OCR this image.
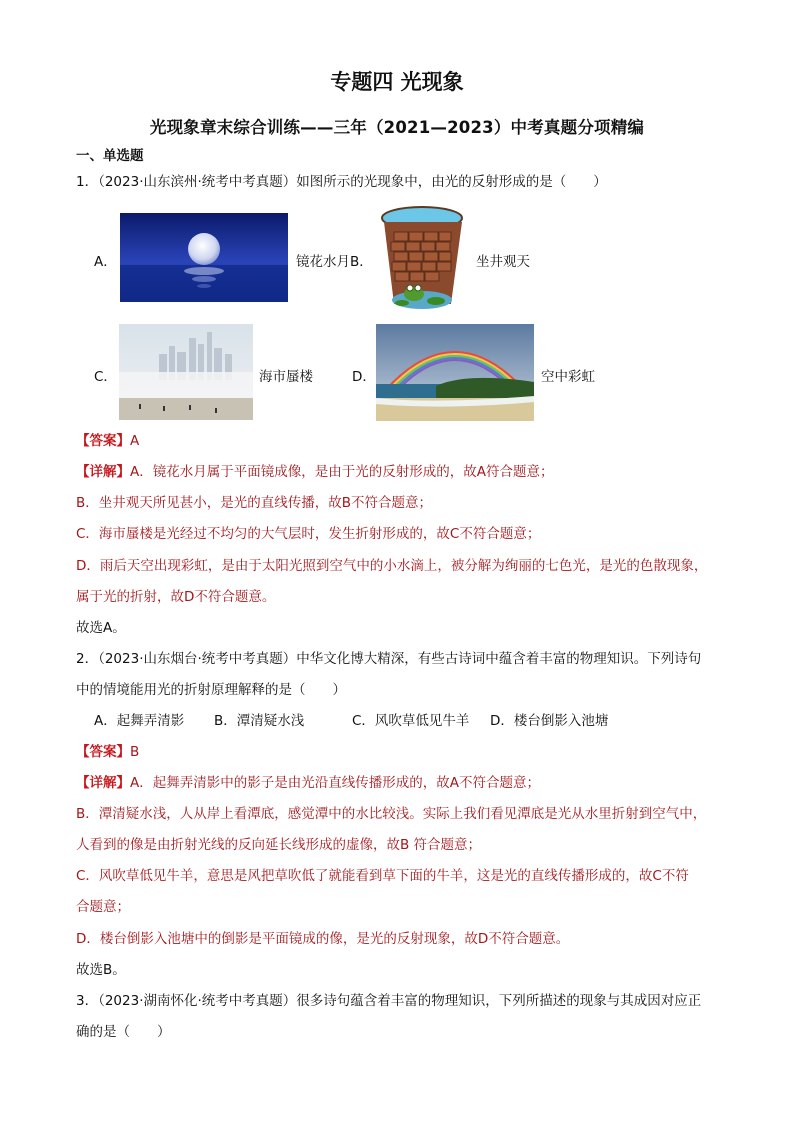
专题四 光现象
光现象章末综合训练——三年（2021—2023）中考真题分项精编
一、单选题
1．（2023·山东滨州·统考中考真题）如图所示的光现象中，由光的反射形成的是（　　）
A．	镜花水月 B．	坐井观天
C．	海市蜃楼	D．	空中彩虹
【答案】A
【详解】A．镜花水月属于平面镜成像，是由于光的反射形成的，故A符合题意；
B．坐井观天所见甚小，是光的直线传播，故B不符合题意；
C．海市蜃楼是光经过不均匀的大气层时，发生折射形成的，故C不符合题意；
D．雨后天空出现彩虹，是由于太阳光照到空气中的小水滴上，被分解为绚丽的七色光，是光的色散现象，
属于光的折射，故D不符合题意。
故选A。
2．（2023·山东烟台·统考中考真题）中华文化博大精深，有些古诗词中蕴含着丰富的物理知识。下列诗句
中的情境能用光的折射原理解释的是（　　）
A．起舞弄清影 B．潭清疑水浅	C．风吹草低见牛羊 D．楼台倒影入池塘
【答案】B
【详解】A．起舞弄清影中的影子是由光沿直线传播形成的，故A不符合题意；
B．潭清疑水浅，人从岸上看潭底，感觉潭中的水比较浅。实际上我们看见潭底是光从水里折射到空气中，
人看到的像是由折射光线的反向延长线形成的虚像，故B 符合题意；
C．风吹草低见牛羊，意思是风把草吹低了就能看到草下面的牛羊，这是光的直线传播形成的，故C不符
合题意；
D．楼台倒影入池塘中的倒影是平面镜成的像，是光的反射现象，故D不符合题意。
故选B。
3．（2023·湖南怀化·统考中考真题）很多诗句蕴含着丰富的物理知识，下列所描述的现象与其成因对应正
确的是（　　）
